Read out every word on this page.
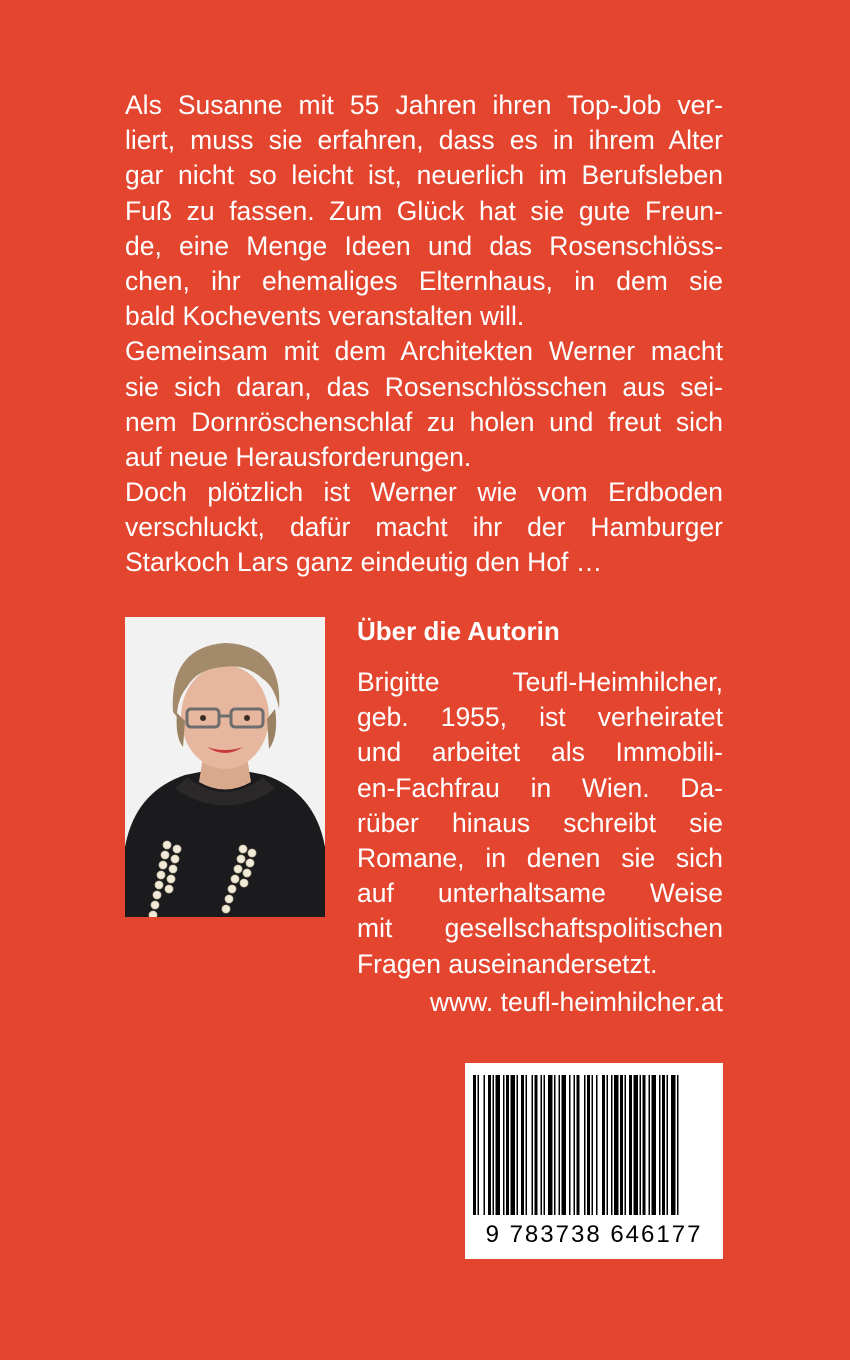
Als Susanne mit 55 Jahren ihren Top-Job ver-
liert, muss sie erfahren, dass es in ihrem Alter
gar nicht so leicht ist, neuerlich im Berufsleben
Fuß zu fassen. Zum Glück hat sie gute Freun-
de, eine Menge Ideen und das Rosenschlöss-
chen, ihr ehemaliges Elternhaus, in dem sie
bald Kochevents veranstalten will.
Gemeinsam mit dem Architekten Werner macht
sie sich daran, das Rosenschlösschen aus sei-
nem Dornröschenschlaf zu holen und freut sich
auf neue Herausforderungen.
Doch plötzlich ist Werner wie vom Erdboden
verschluckt, dafür macht ihr der Hamburger
Starkoch Lars ganz eindeutig den Hof …
Über die Autorin
Brigitte Teufl-Heimhilcher,
geb. 1955, ist verheiratet
und arbeitet als Immobili-
en-Fachfrau in Wien. Da-
rüber hinaus schreibt sie
Romane, in denen sie sich
auf unterhaltsame Weise
mit gesellschaftspolitischen
Fragen auseinandersetzt.
www. teufl-heimhilcher.at
9 783738 646177
